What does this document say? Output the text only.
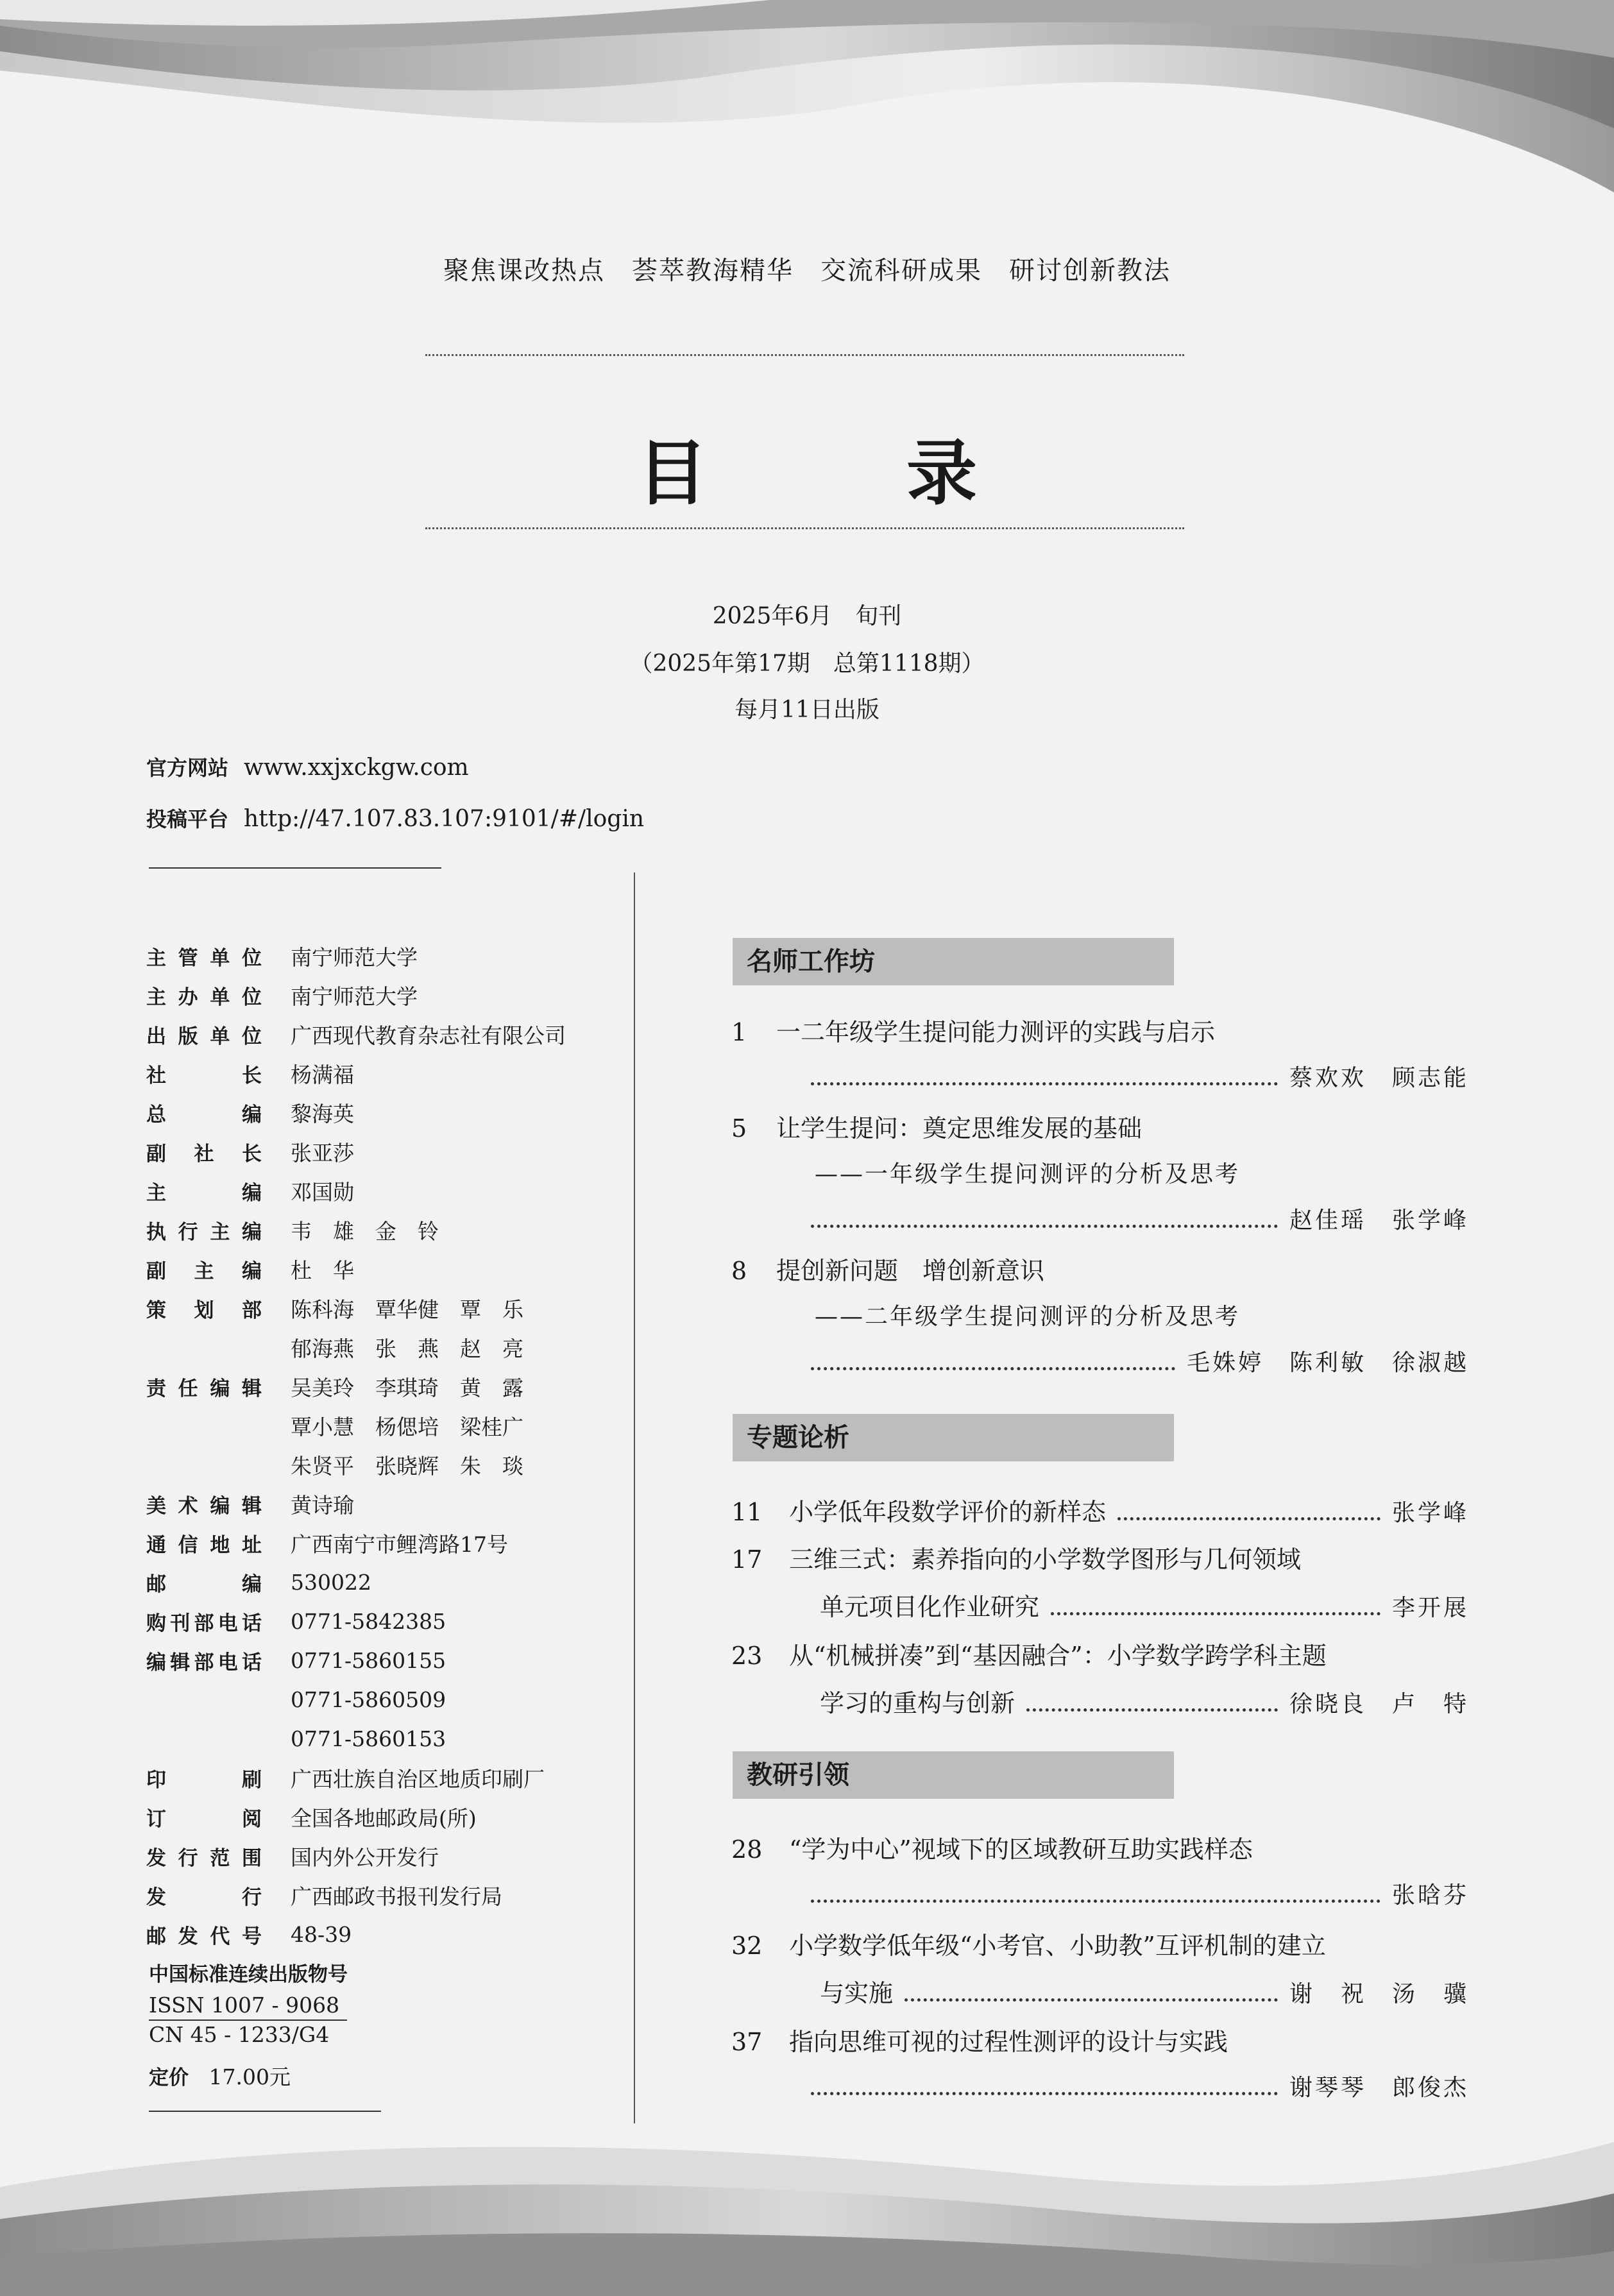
聚焦课改热点　荟萃教海精华　交流科研成果　研讨创新教法
目　录
2025年6月　旬刊
（2025年第17期　总第1118期）
每月11日出版
官方网站 www.xxjxckgw.com
投稿平台 http://47.107.83.107:9101/#/login
主管单位 南宁师范大学
主办单位 南宁师范大学
出版单位 广西现代教育杂志社有限公司
社长 杨满福
总编 黎海英
副社长 张亚莎
主编 邓国勋
执行主编 韦　雄　金　铃
副主编 杜　华
策划部 陈科海　覃华健　覃　乐
郁海燕　张　燕　赵　亮
责任编辑 吴美玲　李琪琦　黄　露
覃小慧　杨偲培　梁桂广
朱贤平　张晓辉　朱　琰
美术编辑 黄诗瑜
通信地址 广西南宁市鲤湾路17号
邮编 530022
购刊部电话 0771-5842385
编辑部电话 0771-5860155
0771-5860509
0771-5860153
印刷 广西壮族自治区地质印刷厂
订阅 全国各地邮政局(所)
发行范围 国内外公开发行
发行 广西邮政书报刊发行局
邮发代号 48-39
中国标准连续出版物号
ISSN 1007 - 9068
CN 45 - 1233/G4
定价 17.00元
名师工作坊
1 一二年级学生提问能力测评的实践与启示
蔡欢欢　顾志能
5 让学生提问：奠定思维发展的基础
——一年级学生提问测评的分析及思考
赵佳瑶　张学峰
8 提创新问题　增创新意识
——二年级学生提问测评的分析及思考
毛姝婷　陈利敏　徐淑越
专题论析
11	小学低年段数学评价的新样态	张学峰
17 三维三式：素养指向的小学数学图形与几何领域
单元项目化作业研究	李开展
23 从“机械拼凑”到“基因融合”：小学数学跨学科主题
学习的重构与创新	徐晓良　卢　特
教研引领
28 “学为中心”视域下的区域教研互助实践样态
张晗芬
32 小学数学低年级“小考官、小助教”互评机制的建立
与实施	谢　祝　汤　骥
37 指向思维可视的过程性测评的设计与实践
谢琴琴　郎俊杰
